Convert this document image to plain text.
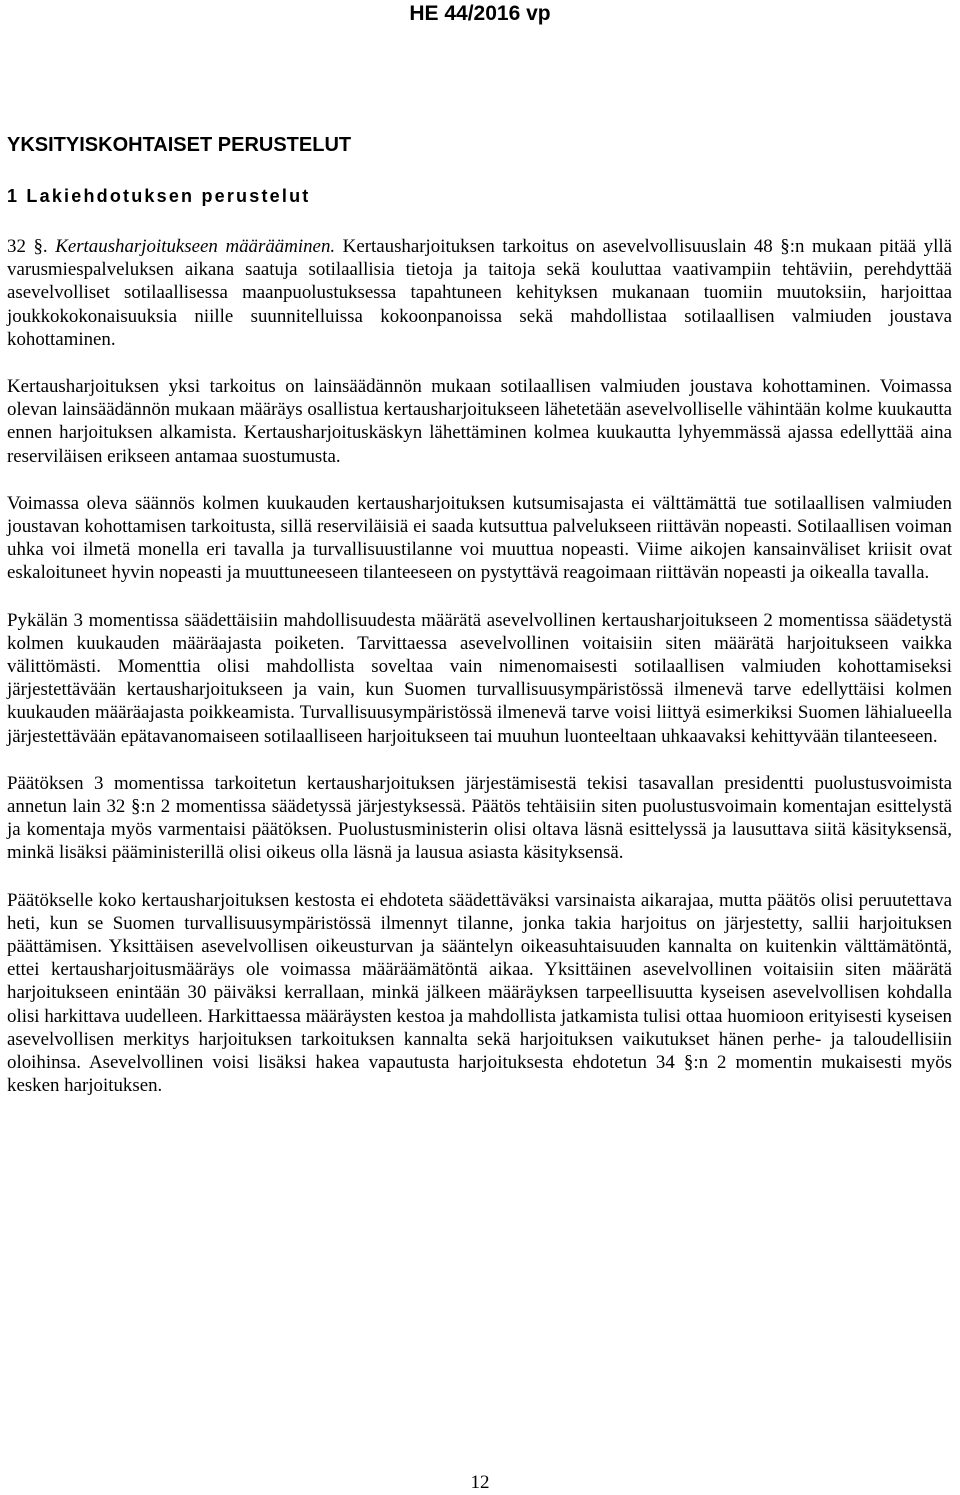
HE 44/2016 vp
YKSITYISKOHTAISET PERUSTELUT
1 Lakiehdotuksen perustelut

32 §. Kertausharjoitukseen määrääminen. Kertausharjoituksen tarkoitus on asevelvollisuuslain 48 §:n mukaan pitää yllä varusmiespalveluksen aikana saatuja sotilaallisia tietoja ja taitoja sekä kouluttaa vaativampiin tehtäviin, perehdyttää asevelvolliset sotilaallisessa maanpuolustuksessa tapahtuneen kehityksen mukanaan tuomiin muutoksiin, harjoittaa joukkokokonaisuuksia niille suunnitelluissa kokoonpanoissa sekä mahdollistaa sotilaallisen valmiuden joustava kohottaminen.

Kertausharjoituksen yksi tarkoitus on lainsäädännön mukaan sotilaallisen valmiuden joustava kohottaminen. Voimassa olevan lainsäädännön mukaan määräys osallistua kertausharjoitukseen lähetetään asevelvolliselle vähintään kolme kuukautta ennen harjoituksen alkamista. Kertausharjoituskäskyn lähettäminen kolmea kuukautta lyhyemmässä ajassa edellyttää aina reserviläisen erikseen antamaa suostumusta.

Voimassa oleva säännös kolmen kuukauden kertausharjoituksen kutsumisajasta ei välttämättä tue sotilaallisen valmiuden joustavan kohottamisen tarkoitusta, sillä reserviläisiä ei saada kutsuttua palvelukseen riittävän nopeasti. Sotilaallisen voiman uhka voi ilmetä monella eri tavalla ja turvallisuustilanne voi muuttua nopeasti. Viime aikojen kansainväliset kriisit ovat eskaloituneet hyvin nopeasti ja muuttuneeseen tilanteeseen on pystyttävä reagoimaan riittävän nopeasti ja oikealla tavalla.

Pykälän 3 momentissa säädettäisiin mahdollisuudesta määrätä asevelvollinen kertausharjoitukseen 2 momentissa säädetystä kolmen kuukauden määräajasta poiketen. Tarvittaessa asevelvollinen voitaisiin siten määrätä harjoitukseen vaikka välittömästi. Momenttia olisi mahdollista soveltaa vain nimenomaisesti sotilaallisen valmiuden kohottamiseksi järjestettävään kertausharjoitukseen ja vain, kun Suomen turvallisuusympäristössä ilmenevä tarve edellyttäisi kolmen kuukauden määräajasta poikkeamista. Turvallisuusympäristössä ilmenevä tarve voisi liittyä esimerkiksi Suomen lähialueella järjestettävään epätavanomaiseen sotilaalliseen harjoitukseen tai muuhun luonteeltaan uhkaavaksi kehittyvään tilanteeseen.

Päätöksen 3 momentissa tarkoitetun kertausharjoituksen järjestämisestä tekisi tasavallan presidentti puolustusvoimista annetun lain 32 §:n 2 momentissa säädetyssä järjestyksessä. Päätös tehtäisiin siten puolustusvoimain komentajan esittelystä ja komentaja myös varmentaisi päätöksen. Puolustusministerin olisi oltava läsnä esittelyssä ja lausuttava siitä käsityksensä, minkä lisäksi pääministerillä olisi oikeus olla läsnä ja lausua asiasta käsityksensä.

Päätökselle koko kertausharjoituksen kestosta ei ehdoteta säädettäväksi varsinaista aikarajaa, mutta päätös olisi peruutettava heti, kun se Suomen turvallisuusympäristössä ilmennyt tilanne, jonka takia harjoitus on järjestetty, sallii harjoituksen päättämisen. Yksittäisen asevelvollisen oikeusturvan ja sääntelyn oikeasuhtaisuuden kannalta on kuitenkin välttämätöntä, ettei kertausharjoitusmääräys ole voimassa määräämätöntä aikaa. Yksittäinen asevelvollinen voitaisiin siten määrätä harjoitukseen enintään 30 päiväksi kerrallaan, minkä jälkeen määräyksen tarpeellisuutta kyseisen asevelvollisen kohdalla olisi harkittava uudelleen. Harkittaessa määräysten kestoa ja mahdollista jatkamista tulisi ottaa huomioon erityisesti kyseisen asevelvollisen merkitys harjoituksen tarkoituksen kannalta sekä harjoituksen vaikutukset hänen perhe- ja taloudellisiin oloihinsa. Asevelvollinen voisi lisäksi hakea vapautusta harjoituksesta ehdotetun 34 §:n 2 momentin mukaisesti myös kesken harjoituksen.

12
